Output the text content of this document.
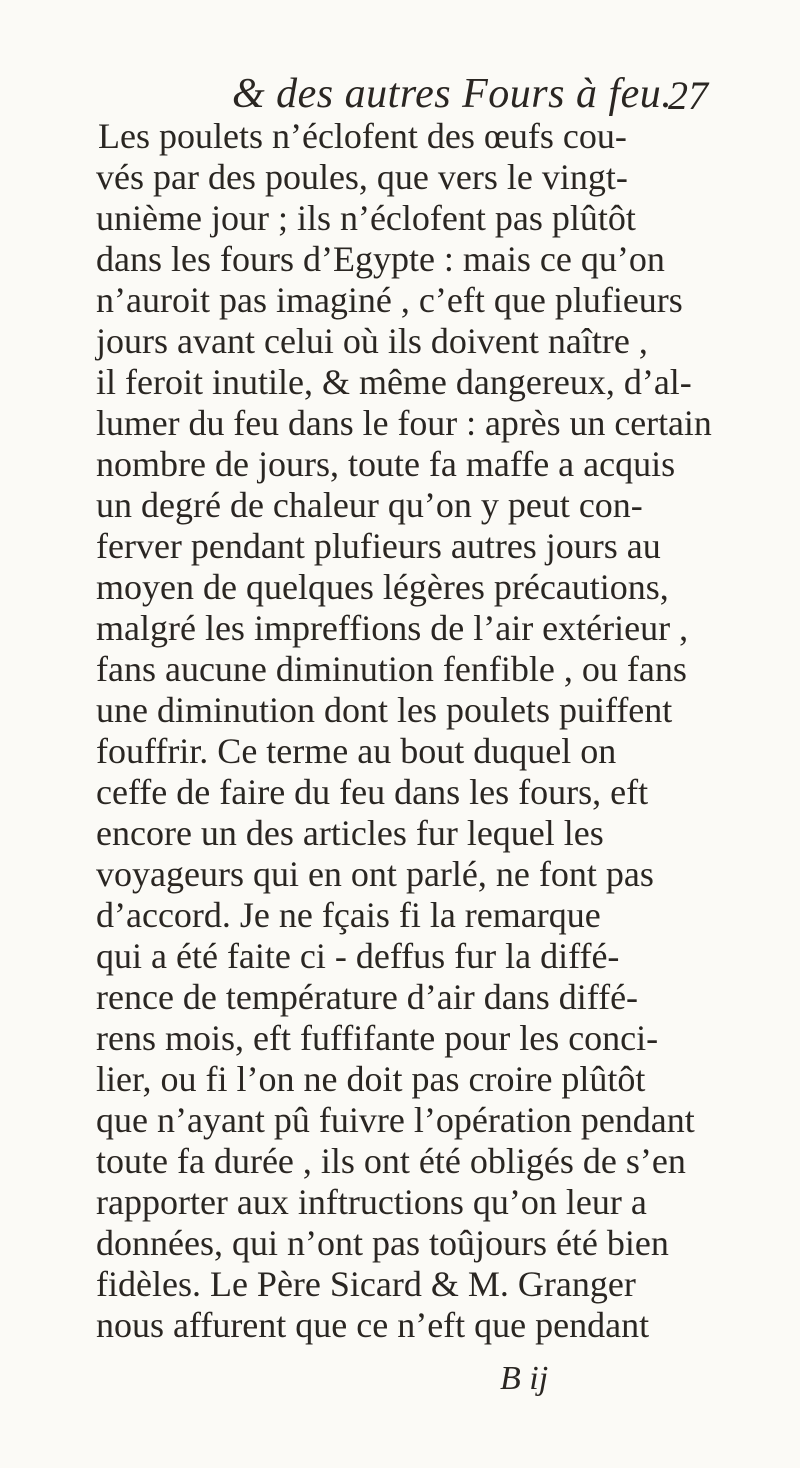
& des autres Fours à feu.
27
Les poulets n’éclofent des œufs cou-
vés par des poules, que vers le vingt-
unième jour ; ils n’éclofent pas plûtôt
dans les fours d’Egypte : mais ce qu’on
n’auroit pas imaginé , c’eft que plufieurs
jours avant celui où ils doivent naître ,
il feroit inutile, & même dangereux, d’al-
lumer du feu dans le four : après un certain
nombre de jours, toute fa maffe a acquis
un degré de chaleur qu’on y peut con-
ferver pendant plufieurs autres jours au
moyen de quelques légères précautions,
malgré les impreffions de l’air extérieur ,
fans aucune diminution fenfible , ou fans
une diminution dont les poulets puiffent
fouffrir. Ce terme au bout duquel on
ceffe de faire du feu dans les fours, eft
encore un des articles fur lequel les
voyageurs qui en ont parlé, ne font pas
d’accord. Je ne fçais fi la remarque
qui a été faite ci - deffus fur la diffé-
rence de température d’air dans diffé-
rens mois, eft fuffifante pour les conci-
lier, ou fi l’on ne doit pas croire plûtôt
que n’ayant pû fuivre l’opération pendant
toute fa durée , ils ont été obligés de s’en
rapporter aux inftructions qu’on leur a
données, qui n’ont pas toûjours été bien
fidèles. Le Père Sicard & M. Granger
nous affurent que ce n’eft que pendant
B ij
